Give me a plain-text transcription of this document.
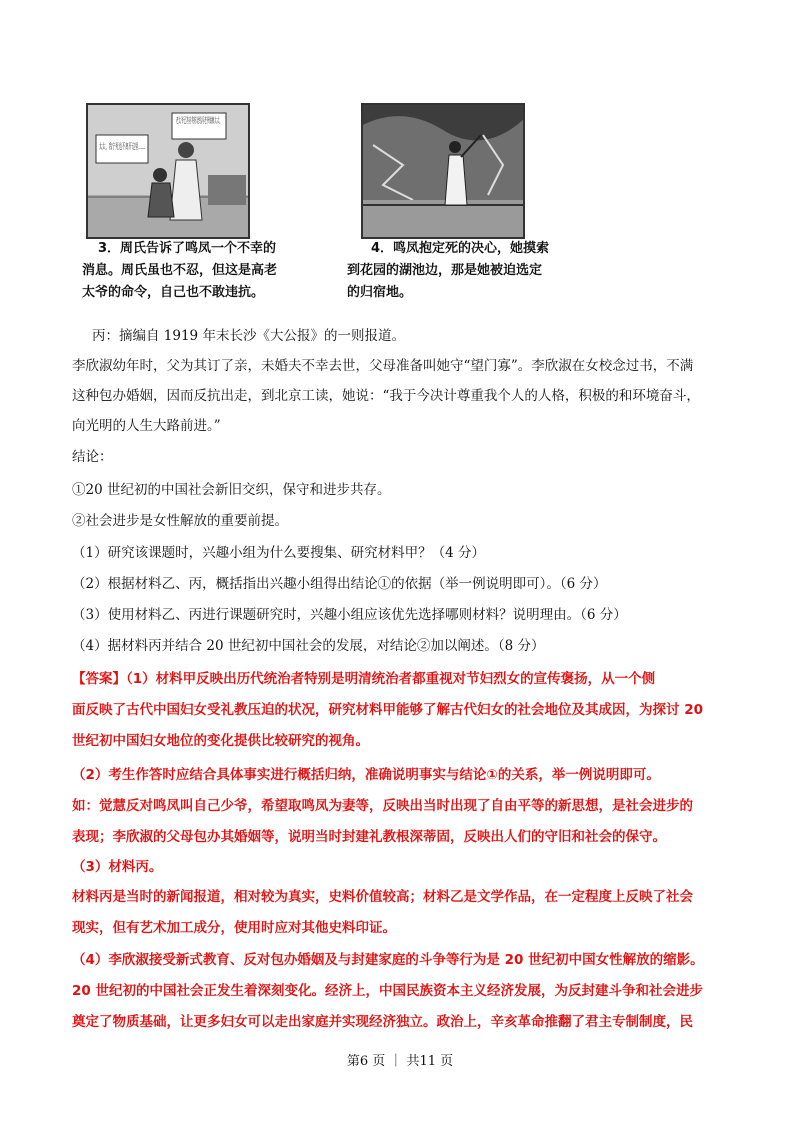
3．周氏告诉了鸣凤一个不幸的
消息。周氏虽也不忍，但这是高老
太爷的命令，自己也不敢违抗。
4．鸣凤抱定死的决心，她摸索
到花园的湖池边，那是她被迫选定
的归宿地。
丙：摘编自 1919 年末长沙《大公报》的一则报道。
李欣淑幼年时，父为其订了亲，未婚夫不幸去世，父母准备叫她守“望门寡”。李欣淑在女校念过书，不满
这种包办婚姻，因而反抗出走，到北京工读，她说：“我于今决计尊重我个人的人格，积极的和环境奋斗，
向光明的人生大路前进。”
结论：
①20 世纪初的中国社会新旧交织，保守和进步共存。
②社会进步是女性解放的重要前提。
（1）研究该课题时，兴趣小组为什么要搜集、研究材料甲？（4 分）
（2）根据材料乙、丙，概括指出兴趣小组得出结论①的依据（举一例说明即可）。（6 分）
（3）使用材料乙、丙进行课题研究时，兴趣小组应该优先选择哪则材料？说明理由。（6 分）
（4）据材料丙并结合 20 世纪初中国社会的发展，对结论②加以阐述。（8 分）
【答案】（1）材料甲反映出历代统治者特别是明清统治者都重视对节妇烈女的宣传褒扬，从一个侧
面反映了古代中国妇女受礼教压迫的状况，研究材料甲能够了解古代妇女的社会地位及其成因，为探讨 20
世纪初中国妇女地位的变化提供比较研究的视角。
（2）考生作答时应结合具体事实进行概括归纳，准确说明事实与结论①的关系，举一例说明即可。
如：觉慧反对鸣凤叫自己少爷，希望取鸣凤为妻等，反映出当时出现了自由平等的新思想，是社会进步的
表现；李欣淑的父母包办其婚姻等，说明当时封建礼教根深蒂固，反映出人们的守旧和社会的保守。
（3）材料丙。
材料丙是当时的新闻报道，相对较为真实，史料价值较高；材料乙是文学作品，在一定程度上反映了社会
现实，但有艺术加工成分，使用时应对其他史料印证。
（4）李欣淑接受新式教育、反对包办婚姻及与封建家庭的斗争等行为是 20 世纪初中国女性解放的缩影。
20 世纪初的中国社会正发生着深刻变化。经济上，中国民族资本主义经济发展，为反封建斗争和社会进步
奠定了物质基础，让更多妇女可以走出家庭并实现经济独立。政治上，辛亥革命推翻了君主专制制度，民
第6 页 ｜ 共11 页
